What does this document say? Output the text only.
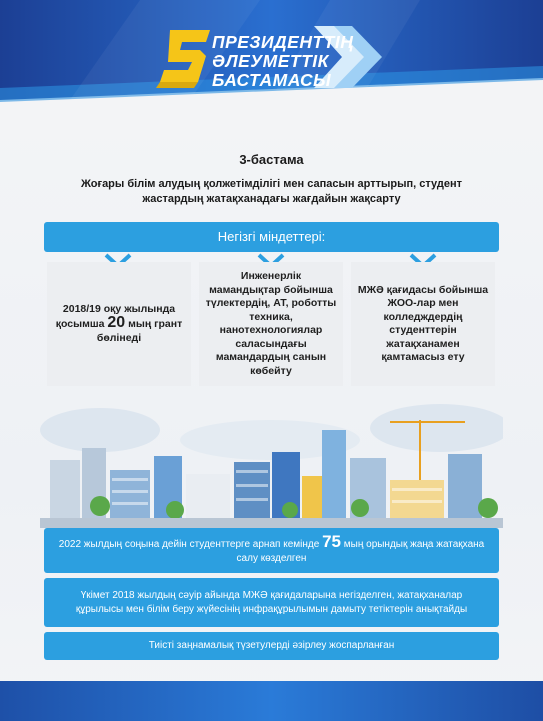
ПРЕЗИДЕНТТІҢ
ӘЛЕУМЕТТІК
БАСТАМАСЫ
3-бастама
Жоғары білім алудың қолжетімділігі мен сапасын арттырып, студент жастардың жатақханадағы жағдайын жақсарту
Негізгі міндеттері:
2018/19 оқу жылында қосымша 20 мың грант бөлінеді
Инженерлік мамандықтар бойынша түлектердің, АТ, роботты техника, нанотехнологиялар саласындағы мамандардың санын көбейту
МЖӘ қағидасы бойынша ЖОО-лар мен колледждердің студенттерін жатақханамен қамтамасыз ету
2022 жылдың соңына дейін студенттерге арнап кемінде 75 мың орындық жаңа жатақхана салу көзделген
Үкімет 2018 жылдың сәуір айында МЖӘ қағидаларына негізделген, жатақханалар құрылысы мен білім беру жүйесінің инфрақұрылымын дамыту тетіктерін анықтайды
Тиісті заңнамалық түзетулерді әзірлеу жоспарланған
